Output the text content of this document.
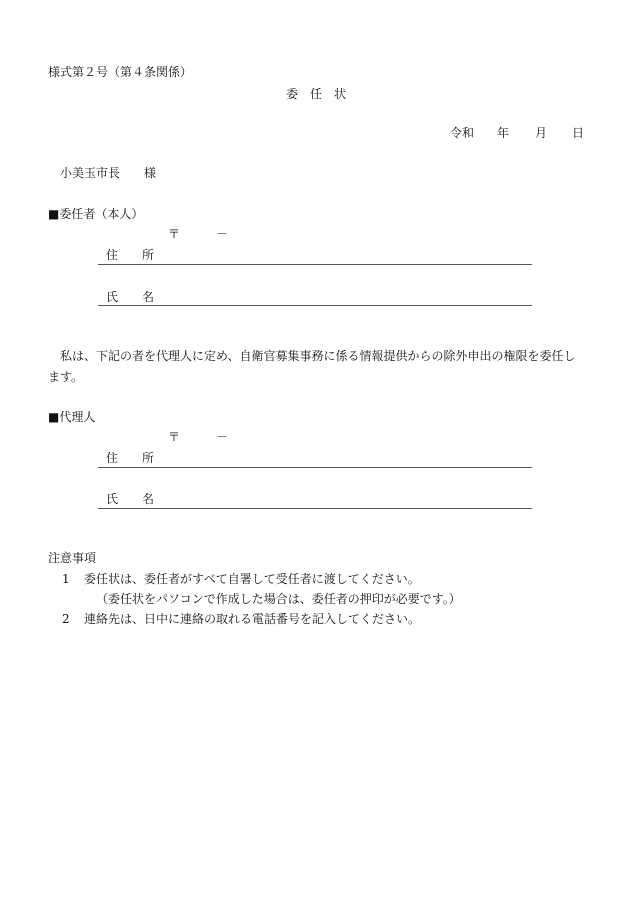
様式第２号（第４条関係）
委　任　状
令和 年 月 日
小美玉市長　　様
■委任者（本人）
〒　　　－
住　　所
氏　　名
私は、下記の者を代理人に定め、自衛官募集事務に係る情報提供からの除外申出の権限を委任し
ます。
■代理人
〒　　　－
住　　所
氏　　名
注意事項
1 委任状は、委任者がすべて自署して受任者に渡してください。
（委任状をパソコンで作成した場合は、委任者の押印が必要です。）
2 連絡先は、日中に連絡の取れる電話番号を記入してください。
